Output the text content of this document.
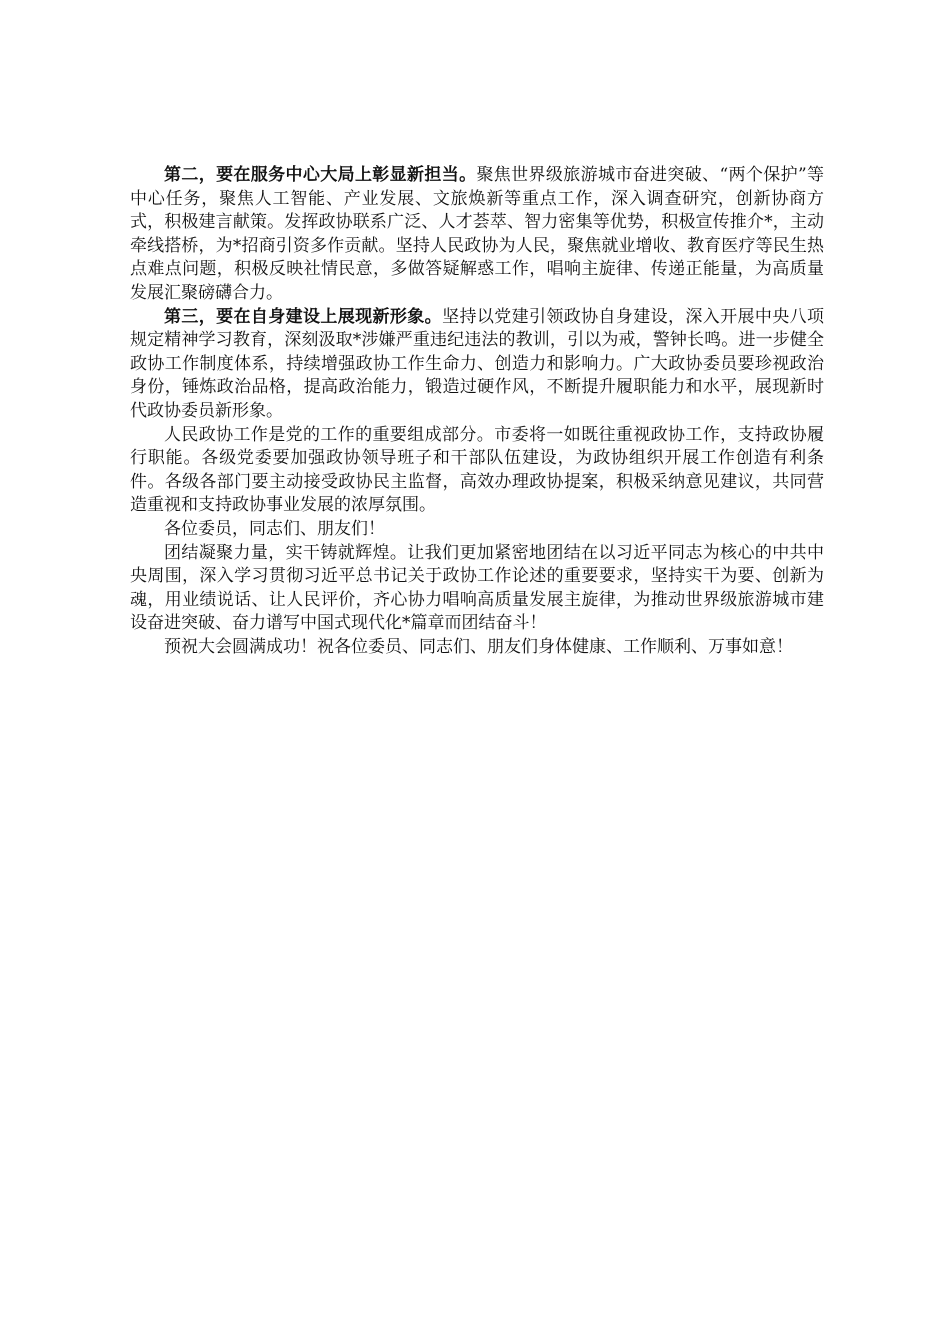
第二，要在服务中心大局上彰显新担当。聚焦世界级旅游城市奋进突破、“两个保护”等中心任务，聚焦人工智能、产业发展、文旅焕新等重点工作，深入调查研究，创新协商方式，积极建言献策。发挥政协联系广泛、人才荟萃、智力密集等优势，积极宣传推介*，主动牵线搭桥，为*招商引资多作贡献。坚持人民政协为人民，聚焦就业增收、教育医疗等民生热点难点问题，积极反映社情民意，多做答疑解惑工作，唱响主旋律、传递正能量，为高质量发展汇聚磅礴合力。

第三，要在自身建设上展现新形象。坚持以党建引领政协自身建设，深入开展中央八项规定精神学习教育，深刻汲取*涉嫌严重违纪违法的教训，引以为戒，警钟长鸣。进一步健全政协工作制度体系，持续增强政协工作生命力、创造力和影响力。广大政协委员要珍视政治身份，锤炼政治品格，提高政治能力，锻造过硬作风，不断提升履职能力和水平，展现新时代政协委员新形象。

人民政协工作是党的工作的重要组成部分。市委将一如既往重视政协工作，支持政协履行职能。各级党委要加强政协领导班子和干部队伍建设，为政协组织开展工作创造有利条件。各级各部门要主动接受政协民主监督，高效办理政协提案，积极采纳意见建议，共同营造重视和支持政协事业发展的浓厚氛围。

各位委员，同志们、朋友们！

团结凝聚力量，实干铸就辉煌。让我们更加紧密地团结在以习近平同志为核心的中共中央周围，深入学习贯彻习近平总书记关于政协工作论述的重要要求，坚持实干为要、创新为魂，用业绩说话、让人民评价，齐心协力唱响高质量发展主旋律，为推动世界级旅游城市建设奋进突破、奋力谱写中国式现代化*篇章而团结奋斗！

预祝大会圆满成功！祝各位委员、同志们、朋友们身体健康、工作顺利、万事如意！
